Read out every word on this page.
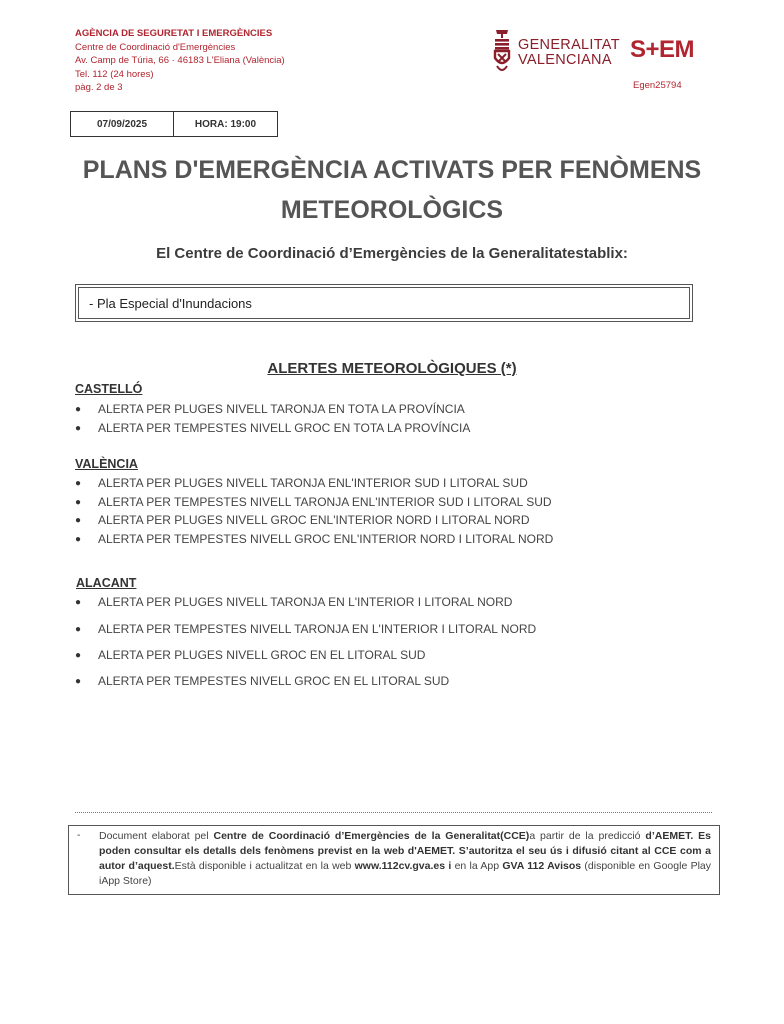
AGÈNCIA DE SEGURETAT I EMERGÈNCIES
Centre de Coordinació d'Emergències
Av. Camp de Túria, 66 · 46183 L'Eliana (València)
Tel. 112 (24 hores)
pàg. 2 de 3
GENERALITAT
VALENCIANA S+EM
Egen25794
07/09/2025	HORA: 19:00
PLANS D'EMERGÈNCIA ACTIVATS PER FENÒMENS
METEOROLÒGICS
El Centre de Coordinació d’Emergències de la Generalitatestablix:
- Pla Especial d'Inundacions
ALERTES METEOROLÒGIQUES (*)
CASTELLÓ
●	ALERTA PER PLUGES NIVELL TARONJA EN TOTA LA PROVÍNCIA
●	ALERTA PER TEMPESTES NIVELL GROC EN TOTA LA PROVÍNCIA
VALÈNCIA
●	ALERTA PER PLUGES NIVELL TARONJA ENL'INTERIOR SUD I LITORAL SUD
●	ALERTA PER TEMPESTES NIVELL TARONJA ENL'INTERIOR SUD I LITORAL SUD
●	ALERTA PER PLUGES NIVELL GROC ENL'INTERIOR NORD I LITORAL NORD
●	ALERTA PER TEMPESTES NIVELL GROC ENL'INTERIOR NORD I LITORAL NORD
ALACANT
●	ALERTA PER PLUGES NIVELL TARONJA EN L'INTERIOR I LITORAL NORD
●	ALERTA PER TEMPESTES NIVELL TARONJA EN L'INTERIOR I LITORAL NORD
●	ALERTA PER PLUGES NIVELL GROC EN EL LITORAL SUD
●	ALERTA PER TEMPESTES NIVELL GROC EN EL LITORAL SUD
- Document elaborat pel Centre de Coordinació d’Emergències de la Generalitat(CCE)a partir de la predicció d’AEMET. Es poden consultar els detalls dels fenòmens previst en la web d'AEMET. S’autoritza el seu ús i difusió citant al CCE com a autor d’aquest.Està disponible i actualitzat en la web www.112cv.gva.es i en la App GVA 112 Avisos (disponible en Google Play iApp Store)
